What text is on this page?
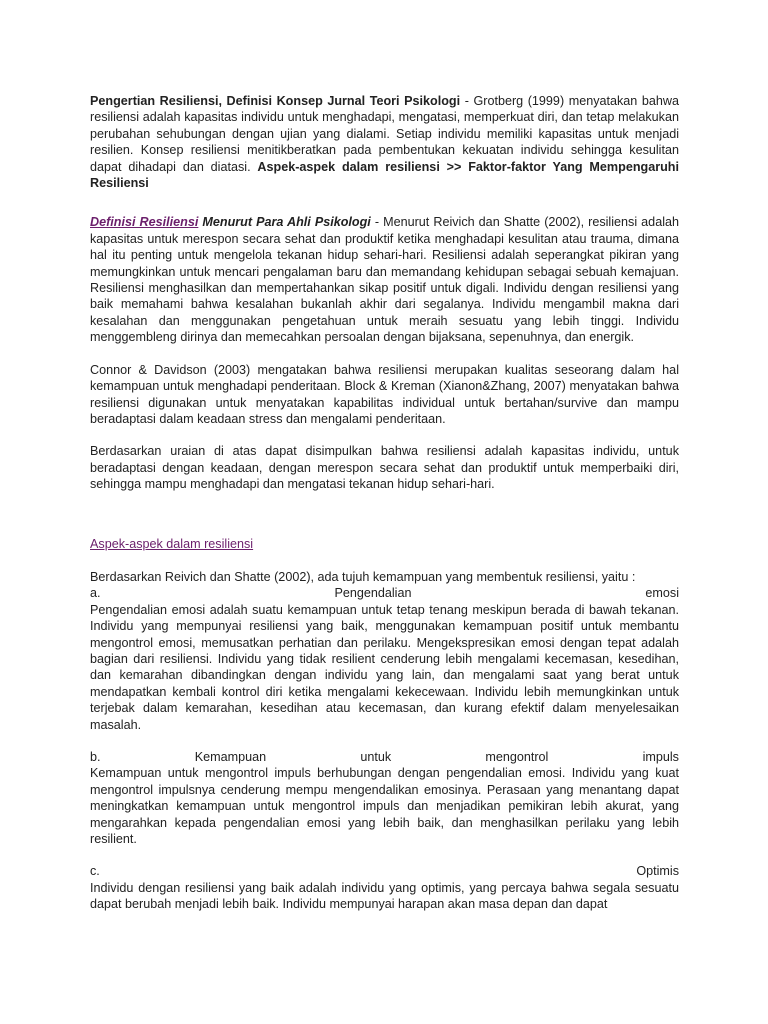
Pengertian Resiliensi, Definisi Konsep Jurnal Teori Psikologi - Grotberg (1999) menyatakan bahwa resiliensi adalah kapasitas individu untuk menghadapi, mengatasi, memperkuat diri, dan tetap melakukan perubahan sehubungan dengan ujian yang dialami. Setiap individu memiliki kapasitas untuk menjadi resilien. Konsep resiliensi menitikberatkan pada pembentukan kekuatan individu sehingga kesulitan dapat dihadapi dan diatasi. Aspek-aspek dalam resiliensi >> Faktor-faktor Yang Mempengaruhi Resiliensi

Definisi Resiliensi Menurut Para Ahli Psikologi - Menurut Reivich dan Shatte (2002), resiliensi adalah kapasitas untuk merespon secara sehat dan produktif ketika menghadapi kesulitan atau trauma, dimana hal itu penting untuk mengelola tekanan hidup sehari-hari. Resiliensi adalah seperangkat pikiran yang memungkinkan untuk mencari pengalaman baru dan memandang kehidupan sebagai sebuah kemajuan. Resiliensi menghasilkan dan mempertahankan sikap positif untuk digali. Individu dengan resiliensi yang baik memahami bahwa kesalahan bukanlah akhir dari segalanya. Individu mengambil makna dari kesalahan dan menggunakan pengetahuan untuk meraih sesuatu yang lebih tinggi. Individu menggembleng dirinya dan memecahkan persoalan dengan bijaksana, sepenuhnya, dan energik.

Connor & Davidson (2003) mengatakan bahwa resiliensi merupakan kualitas seseorang dalam hal kemampuan untuk menghadapi penderitaan. Block & Kreman (Xianon&Zhang, 2007) menyatakan bahwa resiliensi digunakan untuk menyatakan kapabilitas individual untuk bertahan/survive dan mampu beradaptasi dalam keadaan stress dan mengalami penderitaan.

Berdasarkan uraian di atas dapat disimpulkan bahwa resiliensi adalah kapasitas individu, untuk beradaptasi dengan keadaan, dengan merespon secara sehat dan produktif untuk memperbaiki diri, sehingga mampu menghadapi dan mengatasi tekanan hidup sehari-hari.

Aspek-aspek dalam resiliensi

Berdasarkan Reivich dan Shatte (2002), ada tujuh kemampuan yang membentuk resiliensi, yaitu :

a.	Pengendalian	emosi

Pengendalian emosi adalah suatu kemampuan untuk tetap tenang meskipun berada di bawah tekanan. Individu yang mempunyai resiliensi yang baik, menggunakan kemampuan positif untuk membantu mengontrol emosi, memusatkan perhatian dan perilaku. Mengekspresikan emosi dengan tepat adalah bagian dari resiliensi. Individu yang tidak resilient cenderung lebih mengalami kecemasan, kesedihan, dan kemarahan dibandingkan dengan individu yang lain, dan mengalami saat yang berat untuk mendapatkan kembali kontrol diri ketika mengalami kekecewaan. Individu lebih memungkinkan untuk terjebak dalam kemarahan, kesedihan atau kecemasan, dan kurang efektif dalam menyelesaikan masalah.

b.	Kemampuan	untuk	mengontrol	impuls

Kemampuan untuk mengontrol impuls berhubungan dengan pengendalian emosi. Individu yang kuat mengontrol impulsnya cenderung mempu mengendalikan emosinya. Perasaan yang menantang dapat meningkatkan kemampuan untuk mengontrol impuls dan menjadikan pemikiran lebih akurat, yang mengarahkan kepada pengendalian emosi yang lebih baik, dan menghasilkan perilaku yang lebih resilient.

c.	Optimis

Individu dengan resiliensi yang baik adalah individu yang optimis, yang percaya bahwa segala sesuatu dapat berubah menjadi lebih baik. Individu mempunyai harapan akan masa depan dan dapat
